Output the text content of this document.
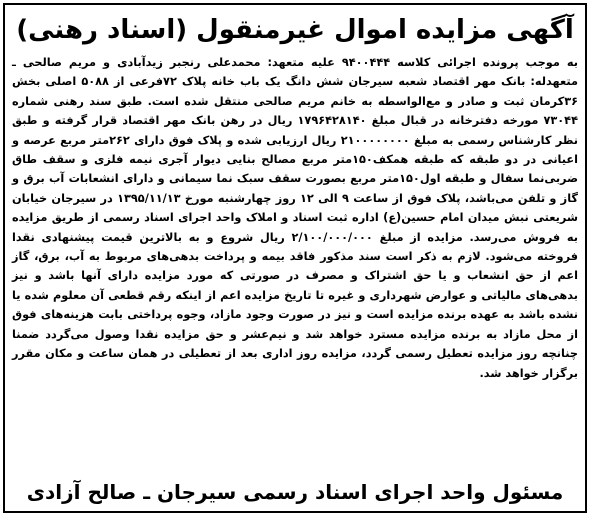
آگهی مزایده اموال غیرمنقول (اسناد رهنی)
به موجب پرونده اجرائی کلاسه ۹۴۰۰۴۴۴ علیه متعهد: محمدعلی رنجبر زیدآبادی و مریم صالحی ـ متعهدله: بانک مهر اقتصاد شعبه سیرجان شش دانگ یک باب خانه پلاک ۷۲فرعی از ۵۰۸۸ اصلی بخش ۳۶کرمان ثبت و صادر و مع‌الواسطه به خانم مریم صالحی منتقل شده است. طبق سند رهنی شماره ۷۳۰۴۴ مورخه دفترخانه در قبال مبلغ ۱۷۹۶۴۲۸۱۴۰ ریال در رهن بانک مهر اقتصاد قرار گرفته و طبق نظر کارشناس رسمی به مبلغ ۲۱۰۰۰۰۰۰۰۰ ریال ارزیابی شده و پلاک فوق دارای ۲۶۲متر مربع عرصه و اعیانی در دو طبقه که طبقه همکف۱۵۰متر مربع مصالح بنایی دیوار آجری نیمه فلزی و سقف طاق ضربی‌نما سفال و طبقه اول۱۵۰متر مربع بصورت سقف سبک نما سیمانی و دارای انشعابات آب برق و گاز و تلفن می‌باشد، پلاک فوق از ساعت ۹ الی ۱۲ روز چهارشنبه مورخ ۱۳۹۵/۱۱/۱۳ در سیرجان خیابان شریعتی نبش میدان امام حسین(ع) اداره ثبت اسناد و املاک واحد اجرای اسناد رسمی از طریق مزایده به فروش می‌رسد. مزایده از مبلغ ۲/۱۰۰/۰۰۰/۰۰۰ ریال شروع و به بالاترین قیمت پیشنهادی نقدا فروخته می‌شود. لازم به ذکر است سند مذکور فاقد بیمه و پرداخت بدهی‌های مربوط به آب، برق، گاز اعم از حق انشعاب و یا حق اشتراک و مصرف در صورتی که مورد مزایده دارای آنها باشد و نیز بدهی‌های مالیاتی و عوارض شهرداری و غیره تا تاریخ مزایده اعم از اینکه رقم قطعی آن معلوم شده یا نشده باشد به عهده برنده مزایده است و نیز در صورت وجود مازاد، وجوه پرداختی بابت هزینه‌های فوق از محل مازاد به برنده مزایده مسترد خواهد شد و نیم‌عشر و حق مزایده نقدا وصول می‌گردد ضمنا چنانچه روز مزایده تعطیل رسمی گردد، مزایده روز اداری بعد از تعطیلی در همان ساعت و مکان مقرر برگزار خواهد شد.
مسئول واحد اجرای اسناد رسمی سیرجان ـ صالح آزادی
